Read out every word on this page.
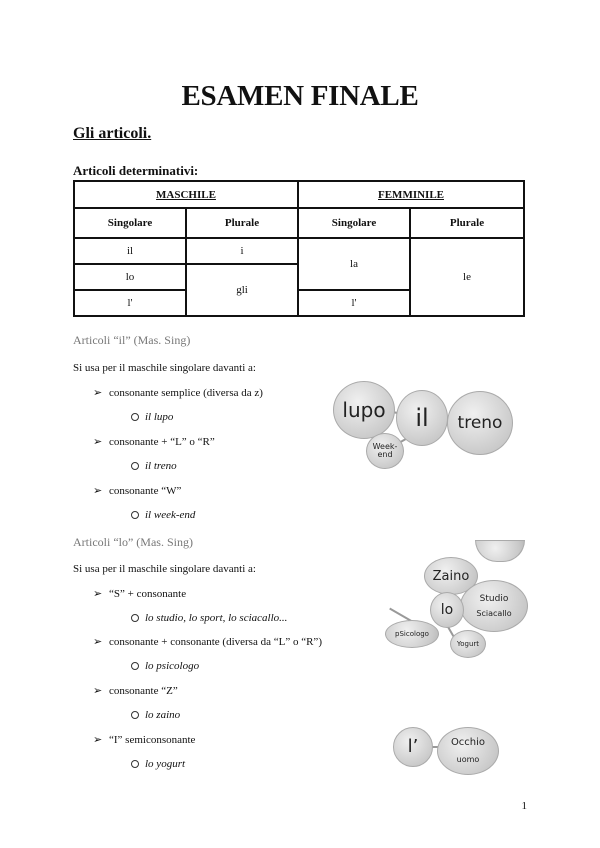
ESAMEN FINALE
Gli articoli.
Articoli determinativi:
MASCHILE		FEMMINILE	
Singolare	Plurale	Singolare	Plurale
il	i	la	le
lo	gli		
l'		l'	
Articoli “il” (Mas. Sing)
Si usa per il maschile singolare davanti a:
➢ consonante semplice (diversa da z)
il lupo
➢ consonante + “L” o “R”
il treno
➢ consonante “W”
il week-end
lupo
treno
Week-end
il
Articoli “lo” (Mas. Sing)
Si usa per il maschile singolare davanti a:
➢ “S” + consonante
lo studio, lo sport, lo sciacallo...
➢ consonante + consonante (diversa da “L” o “R”)
lo psicologo
➢ consonante “Z”
lo zaino
➢ “I” semiconsonante
lo yogurt
Zaino
Studio
Sciacallo
pSicologo
Yogurt
lo
l’	Occhio
uomo
1
